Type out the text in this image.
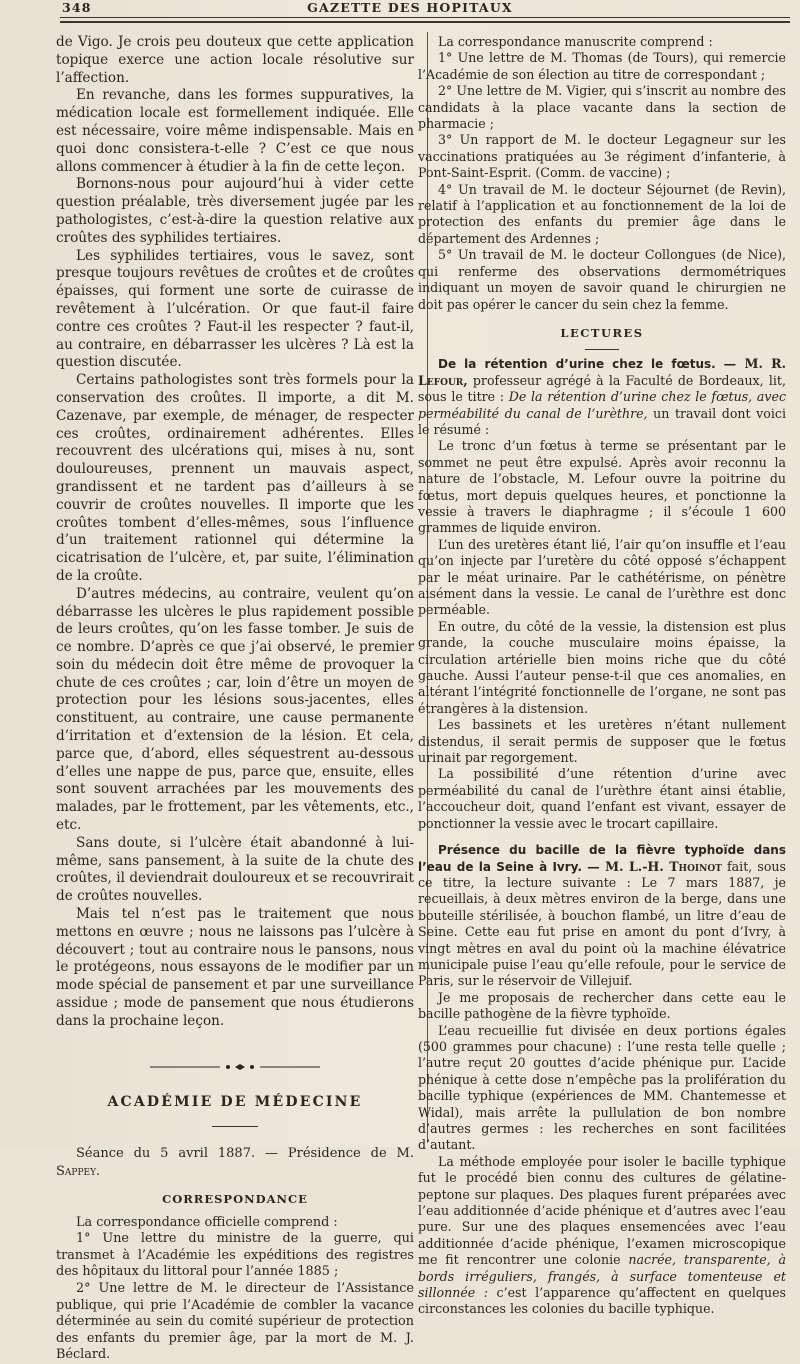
348	GAZETTE DES HOPITAUX

de Vigo. Je crois peu douteux que cette application topique exerce une action locale résolutive sur l’affection.

En revanche, dans les formes suppuratives, la médication locale est formellement indiquée. Elle est nécessaire, voire même indispensable. Mais en quoi donc consistera-t-elle ? C’est ce que nous allons commencer à étudier à la fin de cette leçon.

Bornons-nous pour aujourd’hui à vider cette question préalable, très diversement jugée par les pathologistes, c’est-à-dire la question relative aux croûtes des syphilides tertiaires.

Les syphilides tertiaires, vous le savez, sont presque toujours revêtues de croûtes et de croûtes épaisses, qui forment une sorte de cuirasse de revêtement à l’ulcération. Or que faut-il faire contre ces croûtes ? Faut-il les respecter ? faut-il, au contraire, en débarrasser les ulcères ? Là est la question discutée.

Certains pathologistes sont très formels pour la conservation des croûtes. Il importe, a dit M. Cazenave, par exemple, de ménager, de respecter ces croûtes, ordinairement adhérentes. Elles recouvrent des ulcérations qui, mises à nu, sont douloureuses, prennent un mauvais aspect, grandissent et ne tardent pas d’ailleurs à se couvrir de croûtes nouvelles. Il importe que les croûtes tombent d’elles-mêmes, sous l’influence d’un traitement rationnel qui détermine la cicatrisation de l’ulcère, et, par suite, l’élimination de la croûte.

D’autres médecins, au contraire, veulent qu’on débarrasse les ulcères le plus rapidement possible de leurs croûtes, qu’on les fasse tomber. Je suis de ce nombre. D’après ce que j’ai observé, le premier soin du médecin doit être même de provoquer la chute de ces croûtes ; car, loin d’être un moyen de protection pour les lésions sous-jacentes, elles constituent, au contraire, une cause permanente d’irritation et d’extension de la lésion. Et cela, parce que, d’abord, elles séquestrent au-dessous d’elles une nappe de pus, parce que, ensuite, elles sont souvent arrachées par les mouvements des malades, par le frottement, par les vêtements, etc., etc.

Sans doute, si l’ulcère était abandonné à lui-même, sans pansement, à la suite de la chute des croûtes, il deviendrait douloureux et se recouvrirait de croûtes nouvelles.

Mais tel n’est pas le traitement que nous mettons en œuvre ; nous ne laissons pas l’ulcère à découvert ; tout au contraire nous le pansons, nous le protégeons, nous essayons de le modifier par un mode spécial de pansement et par une surveillance assidue ; mode de pansement que nous étudierons dans la prochaine leçon.

ACADÉMIE DE MÉDECINE

Séance du 5 avril 1887. — Présidence de M. Sappey.

CORRESPONDANCE

La correspondance officielle comprend :

1° Une lettre du ministre de la guerre, qui transmet à l’Académie les expéditions des registres des hôpitaux du littoral pour l’année 1885 ;

2° Une lettre de M. le directeur de l’Assistance publique, qui prie l’Académie de combler la vacance déterminée au sein du comité supérieur de protection des enfants du premier âge, par la mort de M. J. Béclard.

La correspondance manuscrite comprend :

1° Une lettre de M. Thomas (de Tours), qui remercie l’Académie de son élection au titre de correspondant ;

2° Une lettre de M. Vigier, qui s’inscrit au nombre des candidats à la place vacante dans la section de pharmacie ;

3° Un rapport de M. le docteur Legagneur sur les vaccinations pratiquées au 3e régiment d’infanterie, à Pont-Saint-Esprit. (Comm. de vaccine) ;

4° Un travail de M. le docteur Séjournet (de Revin), relatif à l’application et au fonctionnement de la loi de protection des enfants du premier âge dans le département des Ardennes ;

5° Un travail de M. le docteur Collongues (de Nice), qui renferme des observations dermométriques indiquant un moyen de savoir quand le chirurgien ne doit pas opérer le cancer du sein chez la femme.

LECTURES

De la rétention d’urine chez le fœtus. — M. R. Lefour, professeur agrégé à la Faculté de Bordeaux, lit, sous le titre : De la rétention d’urine chez le fœtus, avec perméabilité du canal de l’urèthre, un travail dont voici le résumé :

Le tronc d’un fœtus à terme se présentant par le sommet ne peut être expulsé. Après avoir reconnu la nature de l’obstacle, M. Lefour ouvre la poitrine du fœtus, mort depuis quelques heures, et ponctionne la vessie à travers le diaphragme ; il s’écoule 1 600 grammes de liquide environ.

L’un des uretères étant lié, l’air qu’on insuffle et l’eau qu’on injecte par l’uretère du côté opposé s’échappent par le méat urinaire. Par le cathétérisme, on pénètre aisément dans la vessie. Le canal de l’urèthre est donc perméable.

En outre, du côté de la vessie, la distension est plus grande, la couche musculaire moins épaisse, la circulation artérielle bien moins riche que du côté gauche. Aussi l’auteur pense-t-il que ces anomalies, en altérant l’intégrité fonctionnelle de l’organe, ne sont pas étrangères à la distension.

Les bassinets et les uretères n’étant nullement distendus, il serait permis de supposer que le fœtus urinait par regorgement.

La possibilité d’une rétention d’urine avec perméabilité du canal de l’urèthre étant ainsi établie, l’accoucheur doit, quand l’enfant est vivant, essayer de ponctionner la vessie avec le trocart capillaire.

Présence du bacille de la fièvre typhoïde dans l’eau de la Seine à Ivry. — M. L.-H. Thoinot fait, sous ce titre, la lecture suivante : Le 7 mars 1887, je recueillais, à deux mètres environ de la berge, dans une bouteille stérilisée, à bouchon flambé, un litre d’eau de Seine. Cette eau fut prise en amont du pont d’Ivry, à vingt mètres en aval du point où la machine élévatrice municipale puise l’eau qu’elle refoule, pour le service de Paris, sur le réservoir de Villejuif.

Je me proposais de rechercher dans cette eau le bacille pathogène de la fièvre typhoïde.

L’eau recueillie fut divisée en deux portions égales (500 grammes pour chacune) : l’une resta telle quelle ; l’autre reçut 20 gouttes d’acide phénique pur. L’acide phénique à cette dose n’empêche pas la prolifération du bacille typhique (expériences de MM. Chantemesse et Widal), mais arrête la pullulation de bon nombre d’autres germes : les recherches en sont facilitées d’autant.

La méthode employée pour isoler le bacille typhique fut le procédé bien connu des cultures de gélatine-peptone sur plaques. Des plaques furent préparées avec l’eau additionnée d’acide phénique et d’autres avec l’eau pure. Sur une des plaques ensemencées avec l’eau additionnée d’acide phénique, l’examen microscopique me fit rencontrer une colonie nacrée, transparente, à bords irréguliers, frangés, à surface tomenteuse et sillonnée : c’est l’apparence qu’affectent en quelques circonstances les colonies du bacille typhique.
